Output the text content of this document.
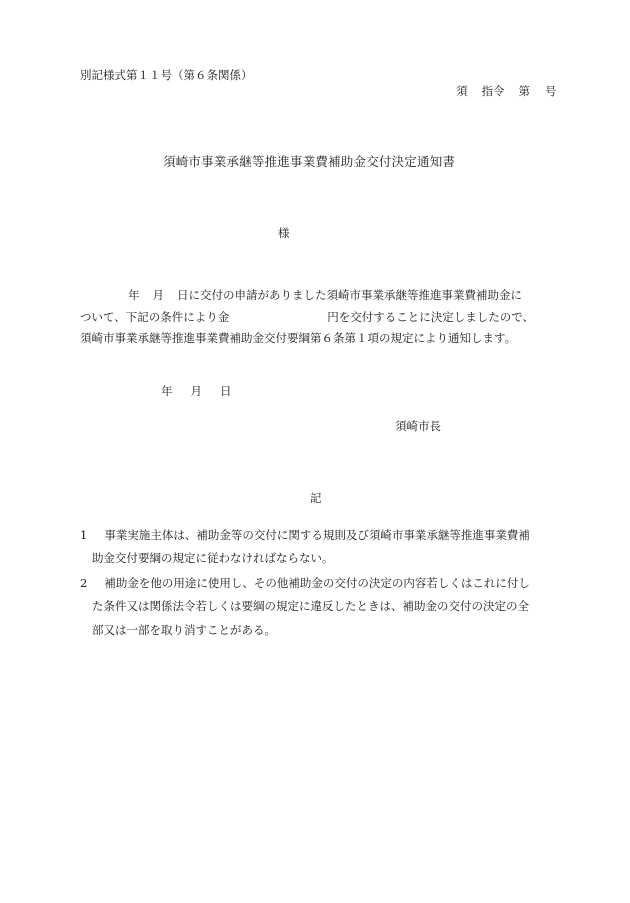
別記様式第１１号（第６条関係）
須 指令 第 号
須崎市事業承継等推進事業費補助金交付決定通知書
様
年 月 日に交付の申請がありました須崎市事業承継等推進事業費補助金に
ついて、下記の条件により金	円を交付することに決定しましたので、
須崎市事業承継等推進事業費補助金交付要綱第６条第１項の規定により通知します。
年 月 日
須崎市長
記
1 事業実施主体は、補助金等の交付に関する規則及び須崎市事業承継等推進事業費補
助金交付要綱の規定に従わなければならない。
2 補助金を他の用途に使用し、その他補助金の交付の決定の内容若しくはこれに付し
た条件又は関係法令若しくは要綱の規定に違反したときは、補助金の交付の決定の全
部又は一部を取り消すことがある。
